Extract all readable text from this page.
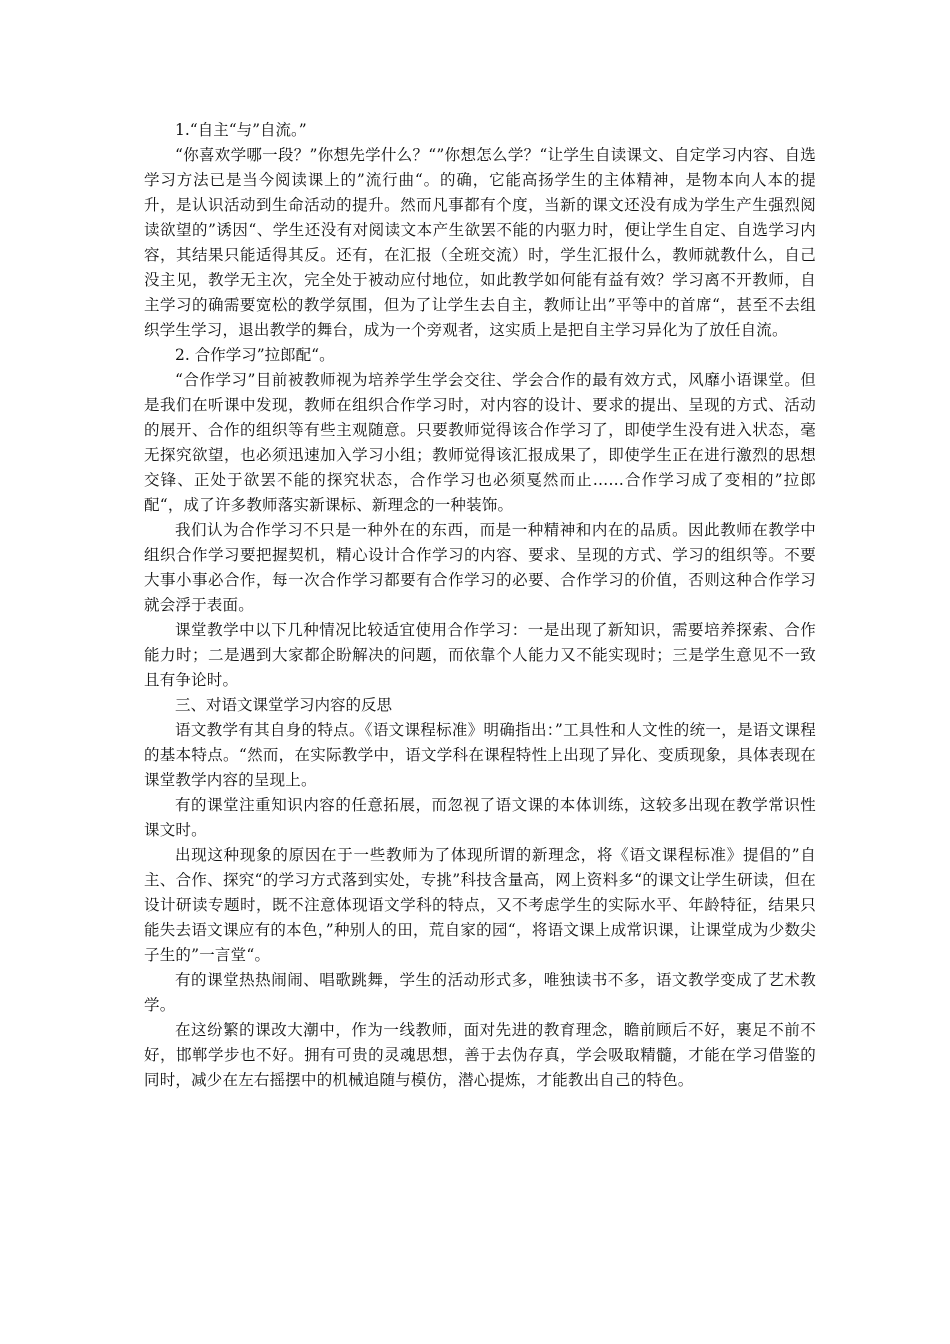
1.“自主“与”自流。”

“你喜欢学哪一段？”你想先学什么？“”你想怎么学？“让学生自读课文、自定学习内容、自选学习方法已是当今阅读课上的”流行曲“。的确，它能高扬学生的主体精神，是物本向人本的提升，是认识活动到生命活动的提升。然而凡事都有个度，当新的课文还没有成为学生产生强烈阅读欲望的”诱因“、学生还没有对阅读文本产生欲罢不能的内驱力时，便让学生自定、自选学习内容，其结果只能适得其反。还有，在汇报（全班交流）时，学生汇报什么，教师就教什么，自己没主见，教学无主次，完全处于被动应付地位，如此教学如何能有益有效？学习离不开教师，自主学习的确需要宽松的教学氛围，但为了让学生去自主，教师让出”平等中的首席“，甚至不去组织学生学习，退出教学的舞台，成为一个旁观者，这实质上是把自主学习异化为了放任自流。

2. 合作学习”拉郎配“。

“合作学习”目前被教师视为培养学生学会交往、学会合作的最有效方式，风靡小语课堂。但是我们在听课中发现，教师在组织合作学习时，对内容的设计、要求的提出、呈现的方式、活动的展开、合作的组织等有些主观随意。只要教师觉得该合作学习了，即使学生没有进入状态，毫无探究欲望，也必须迅速加入学习小组；教师觉得该汇报成果了，即使学生正在进行激烈的思想交锋、正处于欲罢不能的探究状态，合作学习也必须戛然而止……合作学习成了变相的”拉郎配“，成了许多教师落实新课标、新理念的一种装饰。

我们认为合作学习不只是一种外在的东西，而是一种精神和内在的品质。因此教师在教学中组织合作学习要把握契机，精心设计合作学习的内容、要求、呈现的方式、学习的组织等。不要大事小事必合作，每一次合作学习都要有合作学习的必要、合作学习的价值，否则这种合作学习就会浮于表面。

课堂教学中以下几种情况比较适宜使用合作学习：一是出现了新知识，需要培养探索、合作能力时；二是遇到大家都企盼解决的问题，而依靠个人能力又不能实现时；三是学生意见不一致且有争论时。

三、对语文课堂学习内容的反思

语文教学有其自身的特点。《语文课程标准》明确指出：”工具性和人文性的统一，是语文课程的基本特点。“然而，在实际教学中，语文学科在课程特性上出现了异化、变质现象，具体表现在课堂教学内容的呈现上。

有的课堂注重知识内容的任意拓展，而忽视了语文课的本体训练，这较多出现在教学常识性课文时。

出现这种现象的原因在于一些教师为了体现所谓的新理念，将《语文课程标准》提倡的”自主、合作、探究“的学习方式落到实处，专挑”科技含量高，网上资料多“的课文让学生研读，但在设计研读专题时，既不注意体现语文学科的特点，又不考虑学生的实际水平、年龄特征，结果只能失去语文课应有的本色，”种别人的田，荒自家的园“，将语文课上成常识课，让课堂成为少数尖子生的”一言堂“。

有的课堂热热闹闹、唱歌跳舞，学生的活动形式多，唯独读书不多，语文教学变成了艺术教学。

在这纷繁的课改大潮中，作为一线教师，面对先进的教育理念，瞻前顾后不好，裹足不前不好，邯郸学步也不好。拥有可贵的灵魂思想，善于去伪存真，学会吸取精髓，才能在学习借鉴的同时，减少在左右摇摆中的机械追随与模仿，潜心提炼，才能教出自己的特色。
